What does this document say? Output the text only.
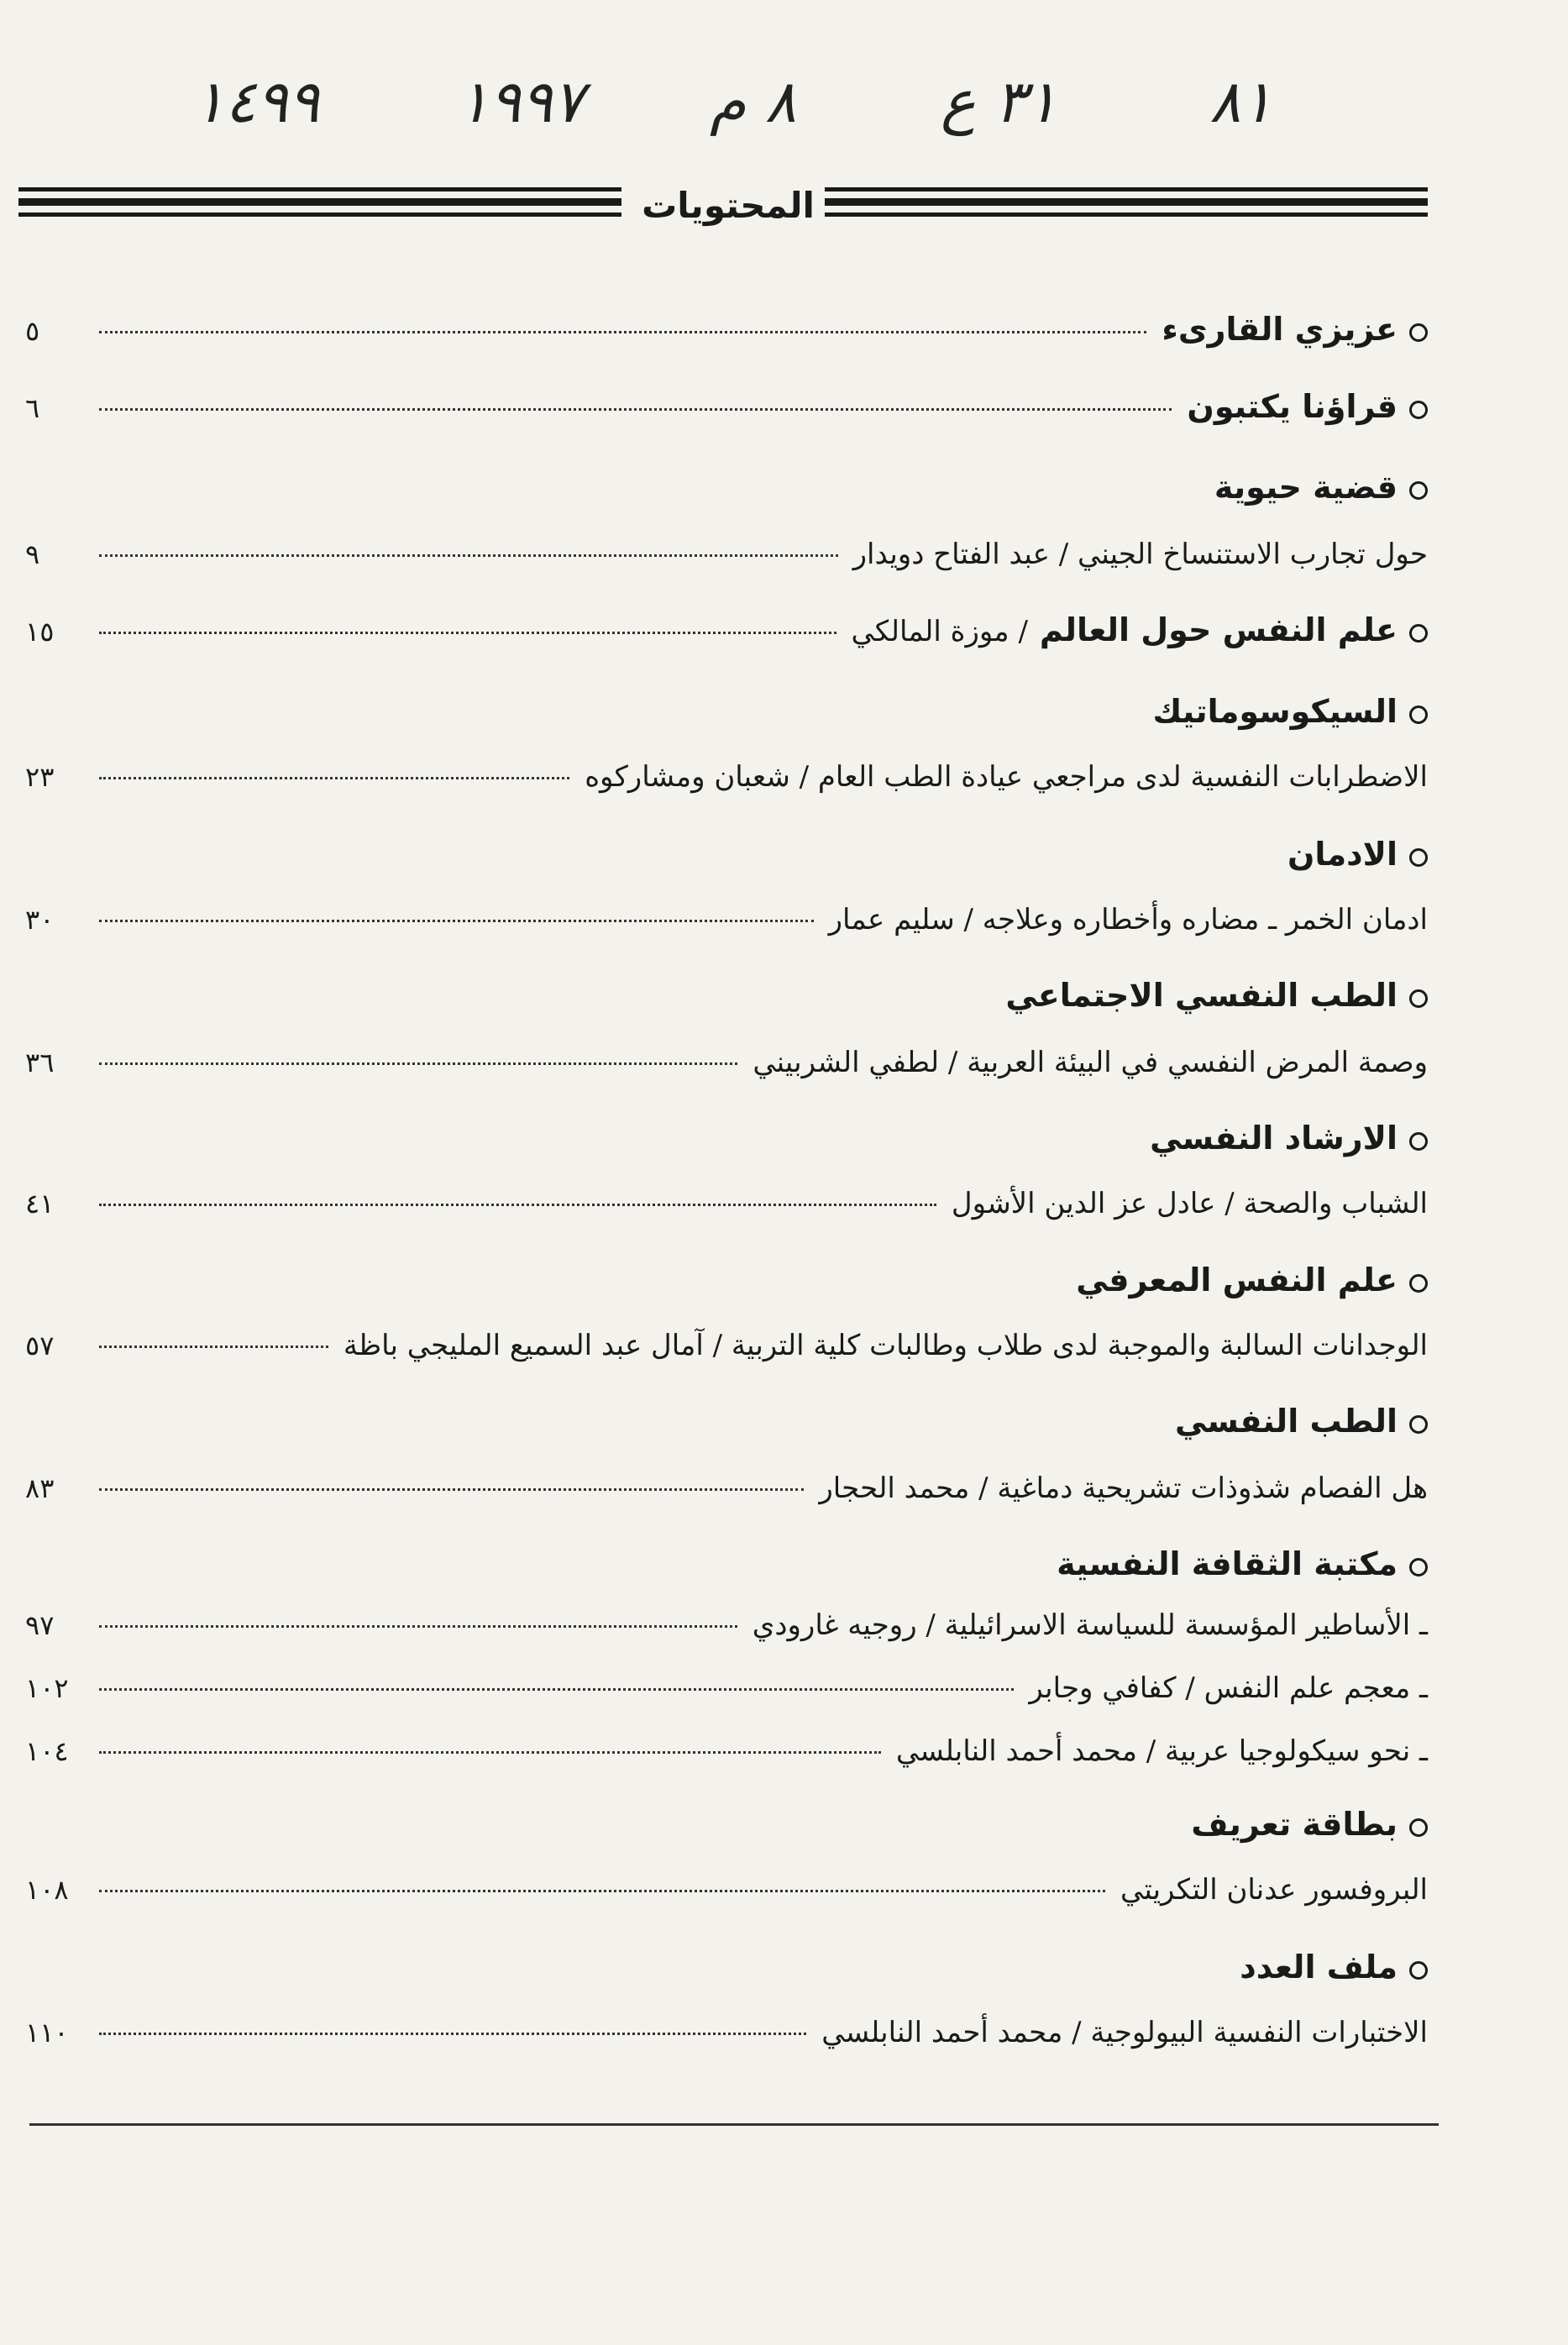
١٤٩٩ ١٩٩٧ ٨ م ٣١ ع	٨١
المحتويات
عزيزي القارىء
٥
قراؤنا يكتبون
٦
قضية حيوية
حول تجارب الاستنساخ الجيني / عبد الفتاح دويدار
٩
علم النفس حول العالم
/ موزة المالكي
١٥
السيكوسوماتيك
الاضطرابات النفسية لدى مراجعي عيادة الطب العام / شعبان ومشاركوه
٢٣
الادمان
ادمان الخمر ـ مضاره وأخطاره وعلاجه / سليم عمار
٣٠
الطب النفسي الاجتماعي
وصمة المرض النفسي في البيئة العربية / لطفي الشربيني
٣٦
الارشاد النفسي
الشباب والصحة / عادل عز الدين الأشول
٤١
علم النفس المعرفي
الوجدانات السالبة والموجبة لدى طلاب وطالبات كلية التربية / آمال عبد السميع المليجي باظة
٥٧
الطب النفسي
هل الفصام شذوذات تشريحية دماغية / محمد الحجار
٨٣
مكتبة الثقافة النفسية
ـ الأساطير المؤسسة للسياسة الاسرائيلية / روجيه غارودي
٩٧
ـ معجم علم النفس / كفافي وجابر
١٠٢
ـ نحو سيكولوجيا عربية / محمد أحمد النابلسي
١٠٤
بطاقة تعريف
البروفسور عدنان التكريتي
١٠٨
ملف العدد
الاختبارات النفسية البيولوجية / محمد أحمد النابلسي
١١٠
